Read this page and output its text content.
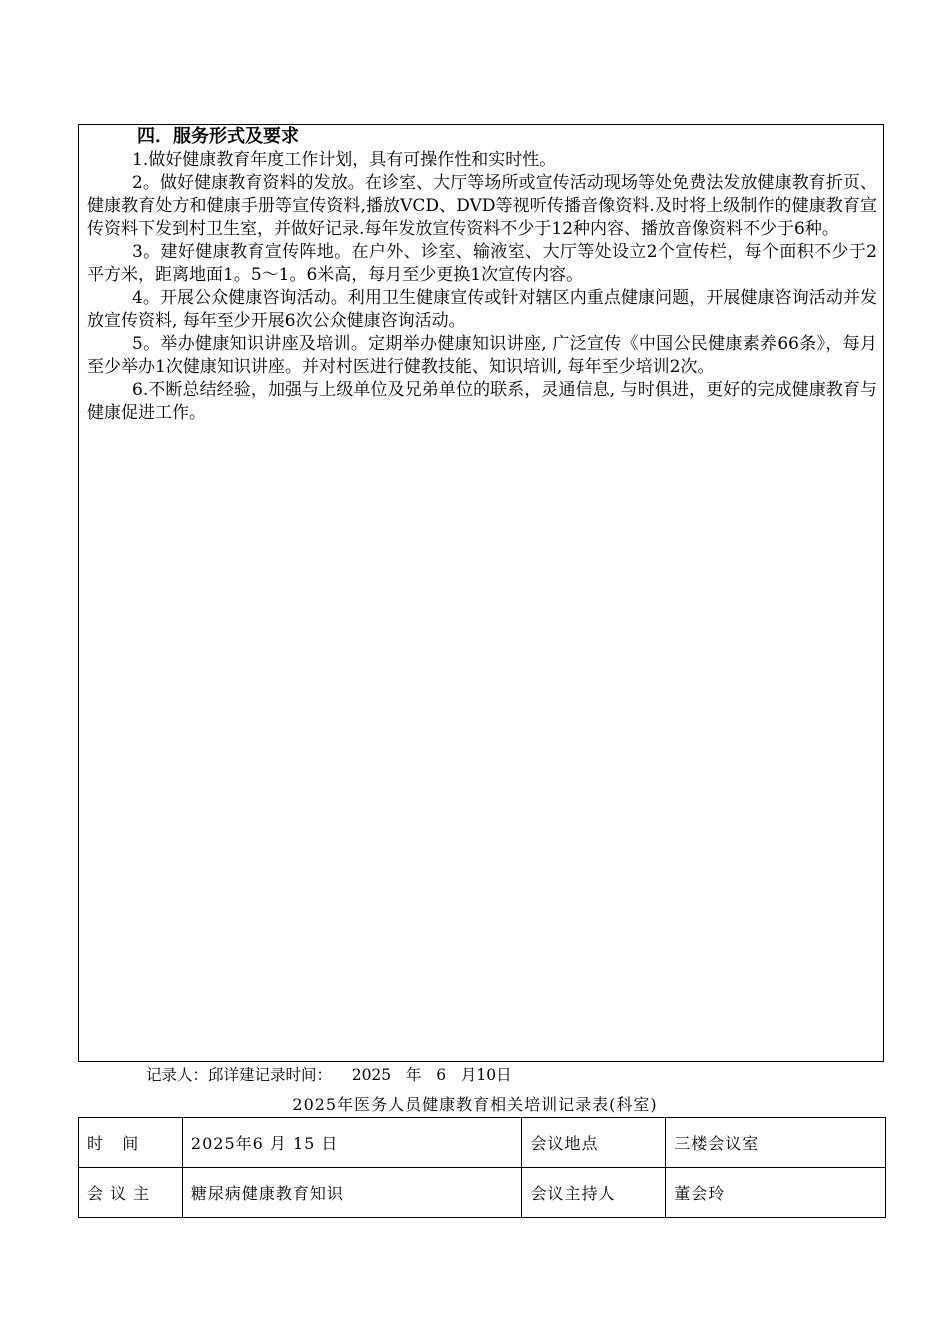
四．服务形式及要求

1.做好健康教育年度工作计划，具有可操作性和实时性。

2。做好健康教育资料的发放。在诊室、大厅等场所或宣传活动现场等处免费法发放健康教育折页、健康教育处方和健康手册等宣传资料,播放VCD、DVD等视听传播音像资料.及时将上级制作的健康教育宣传资料下发到村卫生室，并做好记录.每年发放宣传资料不少于12种内容、播放音像资料不少于6种。

3。建好健康教育宣传阵地。在户外、诊室、输液室、大厅等处设立2个宣传栏，每个面积不少于2平方米，距离地面1。5～1。6米高，每月至少更换1次宣传内容。

4。开展公众健康咨询活动。利用卫生健康宣传或针对辖区内重点健康问题，开展健康咨询活动并发放宣传资料, 每年至少开展6次公众健康咨询活动。

5。举办健康知识讲座及培训。定期举办健康知识讲座, 广泛宣传《中国公民健康素养66条》，每月至少举办1次健康知识讲座。并对村医进行健教技能、知识培训, 每年至少培训2次。

6.不断总结经验，加强与上级单位及兄弟单位的联系，灵通信息, 与时俱进，更好的完成健康教育与健康促进工作。

记录人：邱详建记录时间：    2025   年   6   月10日
2025年医务人员健康教育相关培训记录表(科室)
时   间	2025年6 月 15 日	会议地点	三楼会议室
会 议 主	糖尿病健康教育知识	会议主持人	董会玲
